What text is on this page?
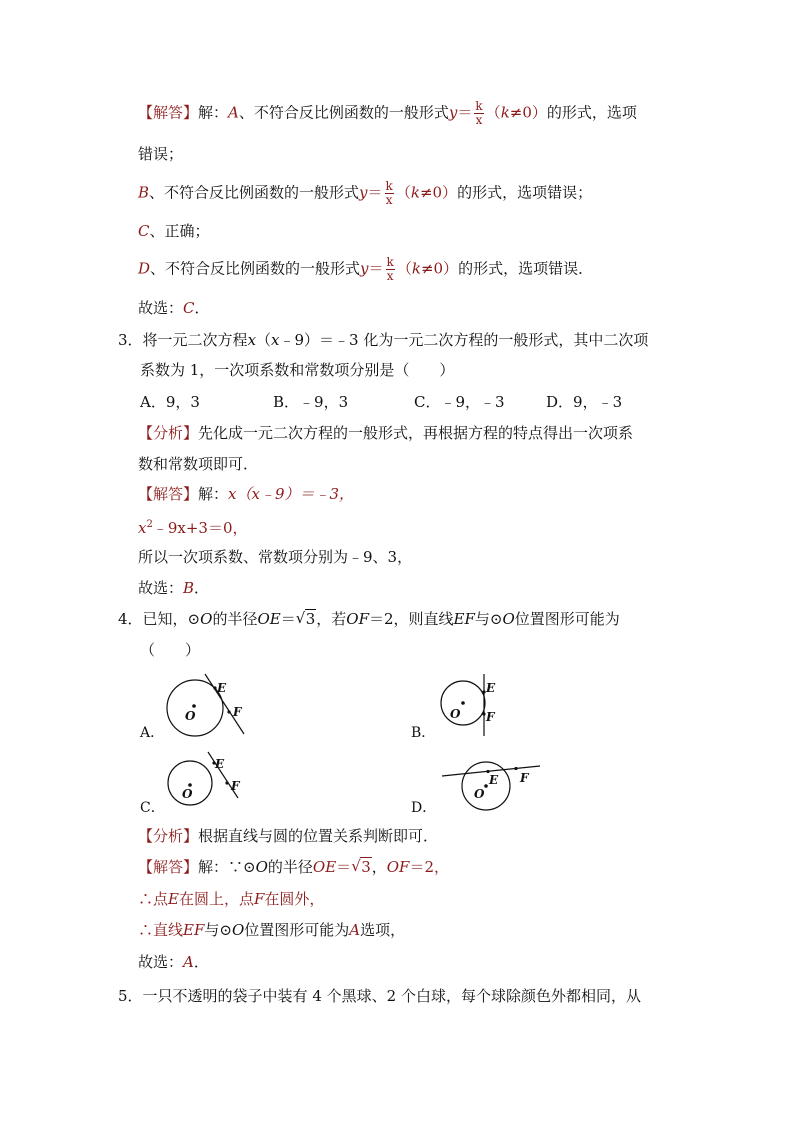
【解答】解：A、不符合反比例函数的一般形式$y= \frac{k}{x} (k\ne 0)$的形式，选项
错误；
B、不符合反比例函数的一般形式$y= \frac{k}{x} (k\ne 0)$的形式，选项错误；
C、正确；
D、不符合反比例函数的一般形式$y= \frac{k}{x} (k\ne 0)$的形式，选项错误．
故选：C．
3．将一元二次方程x（x﹣9）＝﹣3 化为一元二次方程的一般形式，其中二次项
系数为 1，一次项系数和常数项分别是（　　）
A．9，3	B．﹣9，3	C．﹣9，﹣3	D．9，﹣3
【分析】先化成一元二次方程的一般形式，再根据方程的特点得出一次项系
数和常数项即可．
【解答】解：x（x﹣9）＝﹣3，
$x^2﹣9x+3=0$，
所以一次项系数、常数项分别为﹣9、3，
故选：B．
4．已知，⊙O的半径OE＝ √ 3，若OF＝2，则直线EF与⊙O位置图形可能为
（　　）
A．
O
E
F
B．
O
E
F
C．
O
E
F
D．
O
E F
【分析】根据直线与圆的位置关系判断即可．
【解答】解：∵⊙O的半径OE＝ √ 3，OF＝2，
∴点E在圆上，点F在圆外，
∴直线EF与⊙O位置图形可能为A选项，
故选：A．
5．一只不透明的袋子中装有 4 个黑球、2 个白球，每个球除颜色外都相同，从
